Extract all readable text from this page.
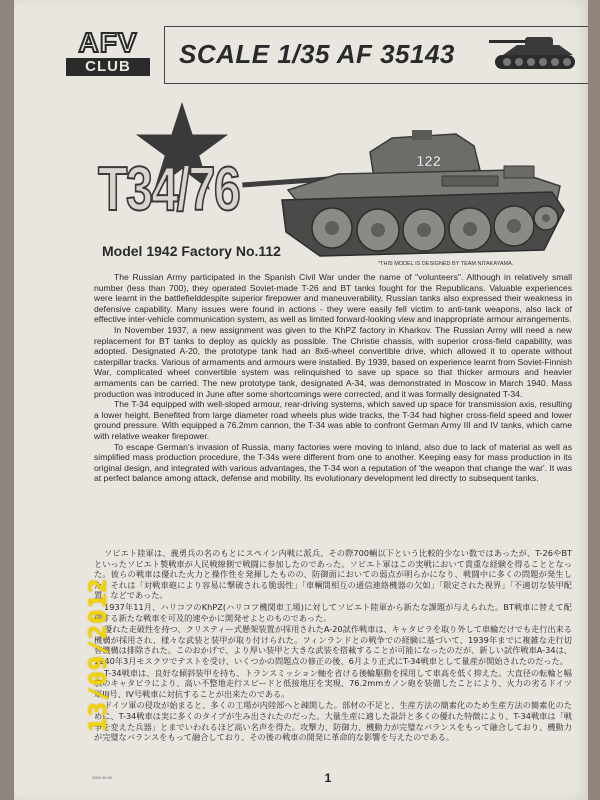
AFV
CLUB	SCALE 1/35 AF 35143
T34/76	122
*THIS MODEL IS DESIGNED BY TEAM NITAKAYAMA.
Model 1942 Factory No.112

The Russian Army participated in the Spanish Civil War under the name of "volunteers". Although in relatively small number (less than 700), they operated Soviet-made T-26 and BT tanks fought for the Republicans. Valuable experiences were learnt in the battlefielddespite superior firepower and maneuverability, Russian tanks also expressed their weakness in defensive capability. Many issues were found in actions - they were easily fell victim to anti-tank weapons, also lack of effective inter-vehicle communication system, as well as limited forward-looking view and inappropriate armour arrangements.

In November 1937, a new assignment was given to the KhPZ factory in Kharkov. The Russian Army will need a new replacement for BT tanks to deploy as quickly as possible. The Christie chassis, with superior cross-field capability, was adopted. Designated A-20, the prototype tank had an 8x6-wheel convertible drive, which allowed it to operate without caterpillar tracks. Various of armaments and armours were installed. By 1939, based on experience learnt from Soviet-Finnish War, complicated wheel convertible system was relinquished to save up space so that thicker armours and heavier armaments can be carried. The new prototype tank, designated A-34, was demonstrated in Moscow in March 1940. Mass production was introduced in June after some shortcomings were corrected, and it was formally designated T-34.

The T-34 equipped with well-sloped armour, rear-driving systems, which saved up space for transmission axis, resulting a lower height. Benefited from large diameter road wheels plus wide tracks, the T-34 had higher cross-field speed and lower ground pressure. With equipped a 76.2mm cannon, the T-34 was able to confront German Army III and IV tanks, which came with relative weaker firepower.

To escape German's invasion of Russia, many factories were moving to inland, also due to lack of material as well as simplified mass production procedure, the T-34s were different from one to another. Keeping easy for mass production in its original design, and integrated with various advantages, the T-34 won a reputation of 'the weapon that change the war'. It was at perfect balance among attack, defense and mobility. Its evolutionary development led directly to subsequent tanks.

ソビエト陸軍は、義勇兵の名のもとにスペイン内戦に派兵、その際700輌以下という比較的少ない数ではあったが、T-26やBTといったソビエト製戦車が人民戦線側で戦闘に参加したのであった。ソビエト軍はこの実戦において貴重な経験を得ることとなった。彼らの戦車は優れた火力と操作性を発揮したものの、防御面においての弱点が明らかになり、戦闘中に多くの問題が発生した。それは「対戦車砲により容易に撃破される脆弱性」「車輌間相互の通信連絡機器の欠如」「限定された視界」「不適切な装甲配置」などであった。

1937年11月、ハリコフのKhPZ(ハリコフ機関車工場)に対してソビエト陸軍から新たな課題が与えられた。BT戦車に替えて配備する新たな戦車を可及的速やかに開発せよとのものであった。

優れた走破性を持つ、クリスティー式懸架装置が採用されたA-20試作戦車は、キャタピラを取り外して車輪だけでも走行出来る機構が採用され、様々な武装と装甲が取り付けられた。フィンランドとの戦争での経験に基づいて、1939年までに複雑な走行切替機構は排除された。このおかげで、より厚い装甲と大きな武装を搭載することが可能になったのだが、新しい試作戦車A-34は、1940年3月モスクワでテストを受け、いくつかの問題点の修正の後、6月より正式にT-34戦車として量産が開始されたのだった。

T-34戦車は、良好な傾斜装甲を持ち、トランスミッション軸を省ける後輪駆動を採用して車高を低く抑えた。大直径の転輪と幅広のキャタピラにより、高い不整地走行スピードと低接地圧を実現、76.2mmカノン砲を装備したことにより、火力の劣るドイツ軍III号、IV号戦車に対抗することが出来たのである。

ドイツ軍の侵攻が始まると、多くの工場が内陸部へと疎開した。部材の不足と、生産方法の簡素化のため生産方法の簡素化のために、T-34戦車は実に多くのタイプが生み出されたのだった。大量生産に適した設計と多くの優れた特徴により、T-34戦車は「戦争を変えた兵器」とまでいわれるほど高い名声を得た。攻撃力、防御力、機動力が完璧なバランスをもって融合しており、機動力が完璧なバランスをもって融合しており、その後の戦車の開発に革命的な影響を与えたのである。

0000 00.00	1
13/09/2012
